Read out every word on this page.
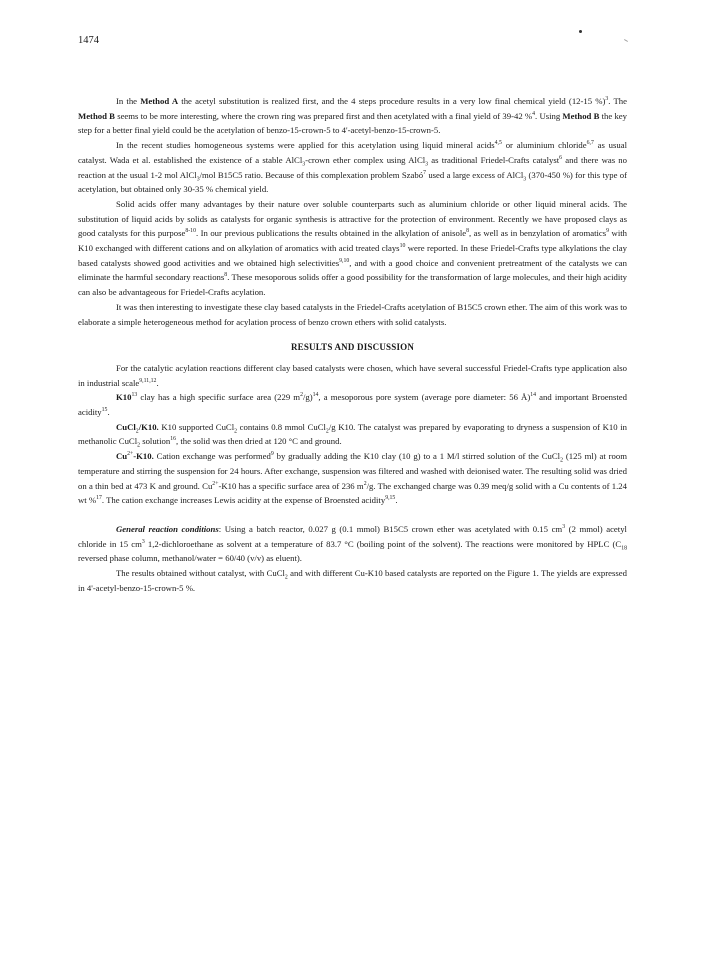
1474

In the Method A the acetyl substitution is realized first, and the 4 steps procedure results in a very low final chemical yield (12-15 %)$^3$. The Method B seems to be more interesting, where the crown ring was prepared first and then acetylated with a final yield of 39-42 %$^4$. Using Method B the key step for a better final yield could be the acetylation of benzo-15-crown-5 to 4'-acetyl-benzo-15-crown-5.

In the recent studies homogeneous systems were applied for this acetylation using liquid mineral acids$^{4,5}$ or aluminium chloride$^{6,7}$ as usual catalyst. Wada et al. established the existence of a stable AlCl$_3$-crown ether complex using AlCl$_3$ as traditional Friedel-Crafts catalyst$^6$ and there was no reaction at the usual 1-2 mol AlCl$_3$/mol B15C5 ratio. Because of this complexation problem Szabó$^7$ used a large excess of AlCl$_3$ (370-450 %) for this type of acetylation, but obtained only 30-35 % chemical yield.

Solid acids offer many advantages by their nature over soluble counterparts such as aluminium chloride or other liquid mineral acids. The substitution of liquid acids by solids as catalysts for organic synthesis is attractive for the protection of environment. Recently we have proposed clays as good catalysts for this purpose$^{8-10}$. In our previous publications the results obtained in the alkylation of anisole$^8$, as well as in benzylation of aromatics$^9$ with K10 exchanged with different cations and on alkylation of aromatics with acid treated clays$^{10}$ were reported. In these Friedel-Crafts type alkylations the clay based catalysts showed good activities and we obtained high selectivities$^{9,10}$, and with a good choice and convenient pretreatment of the catalysts we can eliminate the harmful secondary reactions$^8$. These mesoporous solids offer a good possibility for the transformation of large molecules, and their high acidity can also be advantageous for Friedel-Crafts acylation.

It was then interesting to investigate these clay based catalysts in the Friedel-Crafts acetylation of B15C5 crown ether. The aim of this work was to elaborate a simple heterogeneous method for acylation process of benzo crown ethers with solid catalysts.

RESULTS AND DISCUSSION

For the catalytic acylation reactions different clay based catalysts were chosen, which have several successful Friedel-Crafts type application also in industrial scale$^{9,11,12}$.

$K10^{13}$ clay has a high specific surface area (229 $m^2/g)^{14}$, a mesoporous pore system (average pore diameter: 56 Å)$^{14}$ and important Broensted acidity$^{15}$.

CuCl$_2$/K10. K10 supported CuCl$_2$ contains 0.8 mmol CuCl$_2$/g K10. The catalyst was prepared by evaporating to dryness a suspension of K10 in methanolic CuCl$_2$ solution$^{16}$, the solid was then dried at 120 °C and ground.

$Cu^{2+}-K10$. Cation exchange was performed$^9$ by gradually adding the K10 clay (10 g) to a 1 M/l stirred solution of the CuCl$_2$ (125 ml) at room temperature and stirring the suspension for 24 hours. After exchange, suspension was filtered and washed with deionised water. The resulting solid was dried on a thin bed at 473 K and ground. $Cu^{2+}-K10$ has a specific surface area of 236 $m^2/g$. The exchanged charge was 0.39 meq/g solid with a Cu contents of 1.24 wt %$^{17}$. The cation exchange increases Lewis acidity at the expense of Broensted acidity$^{9,15}$.

General reaction conditions: Using a batch reactor, 0.027 g (0.1 mmol) B15C5 crown ether was acetylated with 0.15 $cm^3$ (2 mmol) acetyl chloride in 15 $cm^3$ 1,2-dichloroethane as solvent at a temperature of 83.7 °C (boiling point of the solvent). The reactions were monitored by HPLC ($C_{18}$ reversed phase column, methanol/water = 60/40 (v/v) as eluent).

The results obtained without catalyst, with CuCl$_2$ and with different Cu-K10 based catalysts are reported on the Figure 1. The yields are expressed in 4'-acetyl-benzo-15-crown-5 %.
